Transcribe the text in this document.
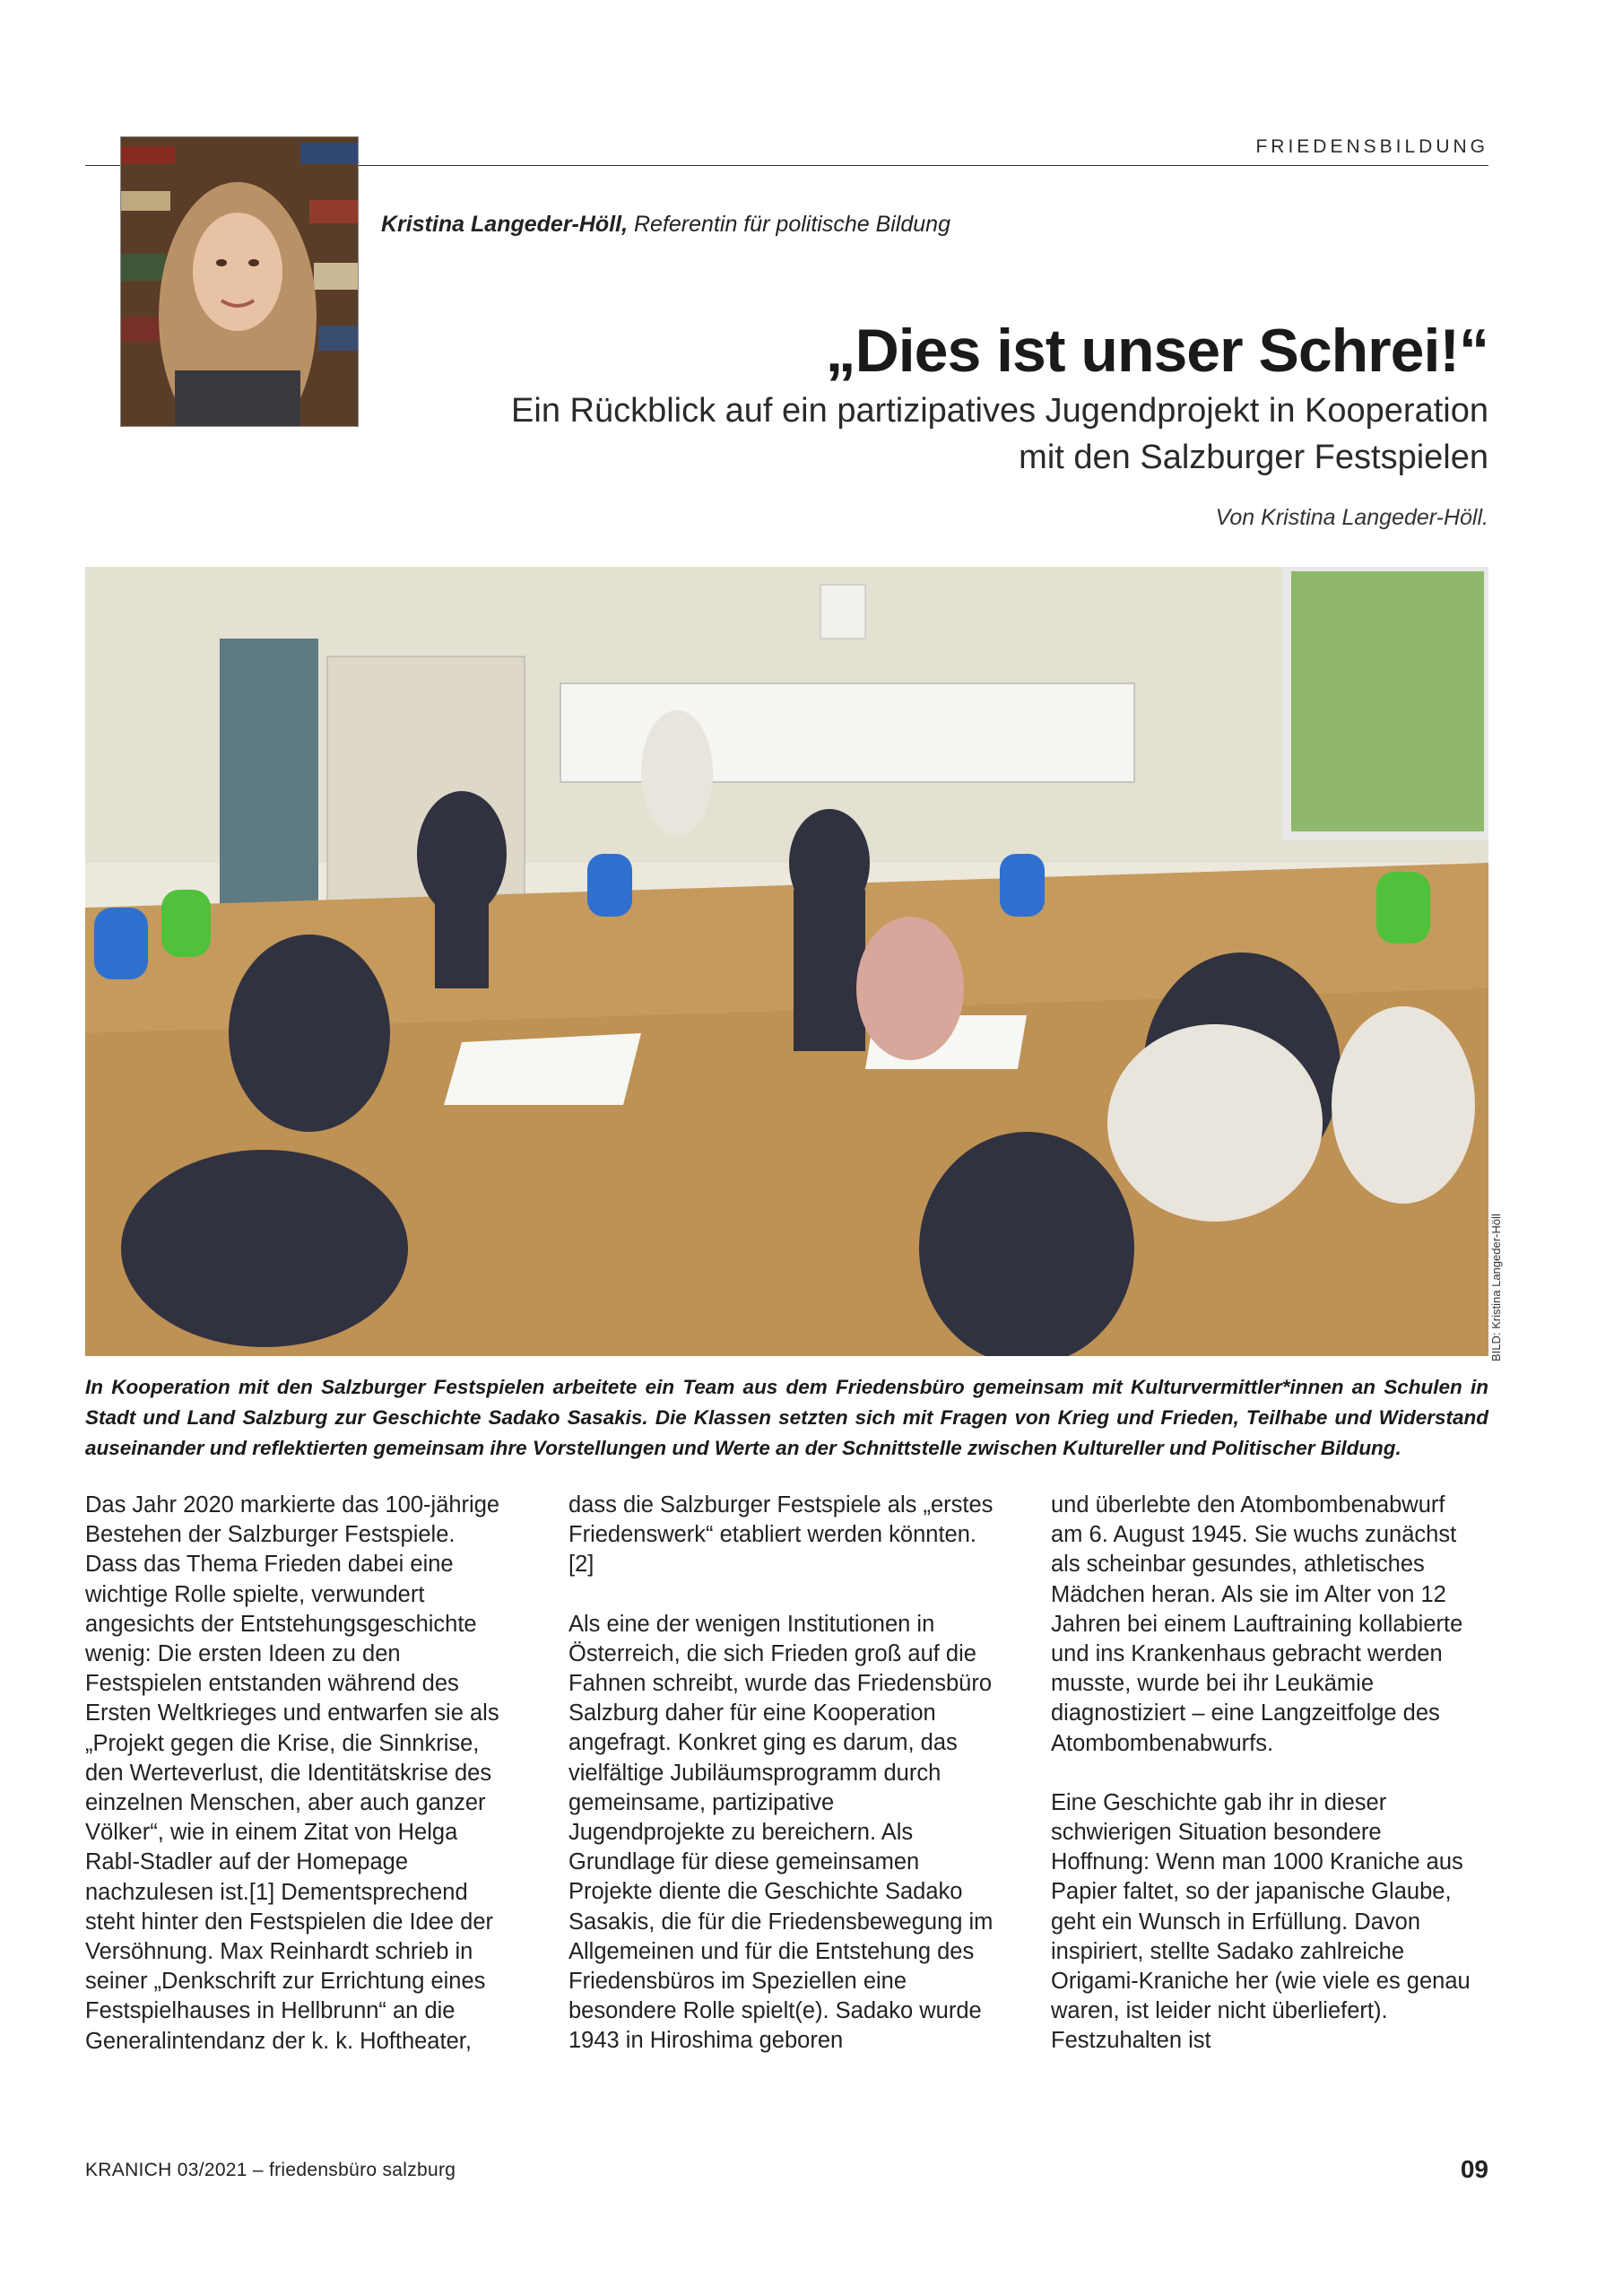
FRIEDENSBILDUNG
Kristina Langeder-Höll, Referentin für politische Bildung
„Dies ist unser Schrei!“
Ein Rückblick auf ein partizipatives Jugendprojekt in Kooperation mit den Salzburger Festspielen
Von Kristina Langeder-Höll.
BILD: Kristina Langeder-Höll

In Kooperation mit den Salzburger Festspielen arbeitete ein Team aus dem Friedensbüro gemeinsam mit Kulturvermittler*innen an Schulen in Stadt und Land Salzburg zur Geschichte Sadako Sasakis. Die Klassen setzten sich mit Fragen von Krieg und Frieden, Teilhabe und Widerstand auseinander und reflektierten gemeinsam ihre Vorstellungen und Werte an der Schnittstelle zwischen Kultureller und Politischer Bildung.

Das Jahr 2020 markierte das 100-jährige Bestehen der Salzburger Festspiele. Dass das Thema Frieden dabei eine wichtige Rolle spielte, verwundert angesichts der Entstehungsgeschichte wenig: Die ersten Ideen zu den Festspielen entstanden während des Ersten Weltkrieges und entwarfen sie als „Projekt gegen die Krise, die Sinnkrise, den Werteverlust, die Identitätskrise des einzelnen Menschen, aber auch ganzer Völker“, wie in einem Zitat von Helga Rabl-Stadler auf der Homepage nachzulesen ist.[1] Dementsprechend steht hinter den Festspielen die Idee der Versöhnung. Max Reinhardt schrieb in seiner „Denkschrift zur Errichtung eines Festspielhauses in Hellbrunn“ an die Generalintendanz der k. k. Hoftheater,

dass die Salzburger Festspiele als „erstes Friedenswerk“ etabliert werden könnten.[2]

Als eine der wenigen Institutionen in Österreich, die sich Frieden groß auf die Fahnen schreibt, wurde das Friedensbüro Salzburg daher für eine Kooperation angefragt. Konkret ging es darum, das vielfältige Jubiläumsprogramm durch gemeinsame, partizipative Jugendprojekte zu bereichern. Als Grundlage für diese gemeinsamen Projekte diente die Geschichte Sadako Sasakis, die für die Friedensbewegung im Allgemeinen und für die Entstehung des Friedensbüros im Speziellen eine besondere Rolle spielt(e). Sadako wurde 1943 in Hiroshima geboren

und überlebte den Atombombenabwurf am 6. August 1945. Sie wuchs zunächst als scheinbar gesundes, athletisches Mädchen heran. Als sie im Alter von 12 Jahren bei einem Lauftraining kollabierte und ins Krankenhaus gebracht werden musste, wurde bei ihr Leukämie diagnostiziert – eine Langzeitfolge des Atombombenabwurfs.

Eine Geschichte gab ihr in dieser schwierigen Situation besondere Hoffnung: Wenn man 1000 Kraniche aus Papier faltet, so der japanische Glaube, geht ein Wunsch in Erfüllung. Davon inspiriert, stellte Sadako zahlreiche Origami-Kraniche her (wie viele es genau waren, ist leider nicht überliefert). Festzuhalten ist

KRANICH 03/2021 – friedensbüro salzburg	09
